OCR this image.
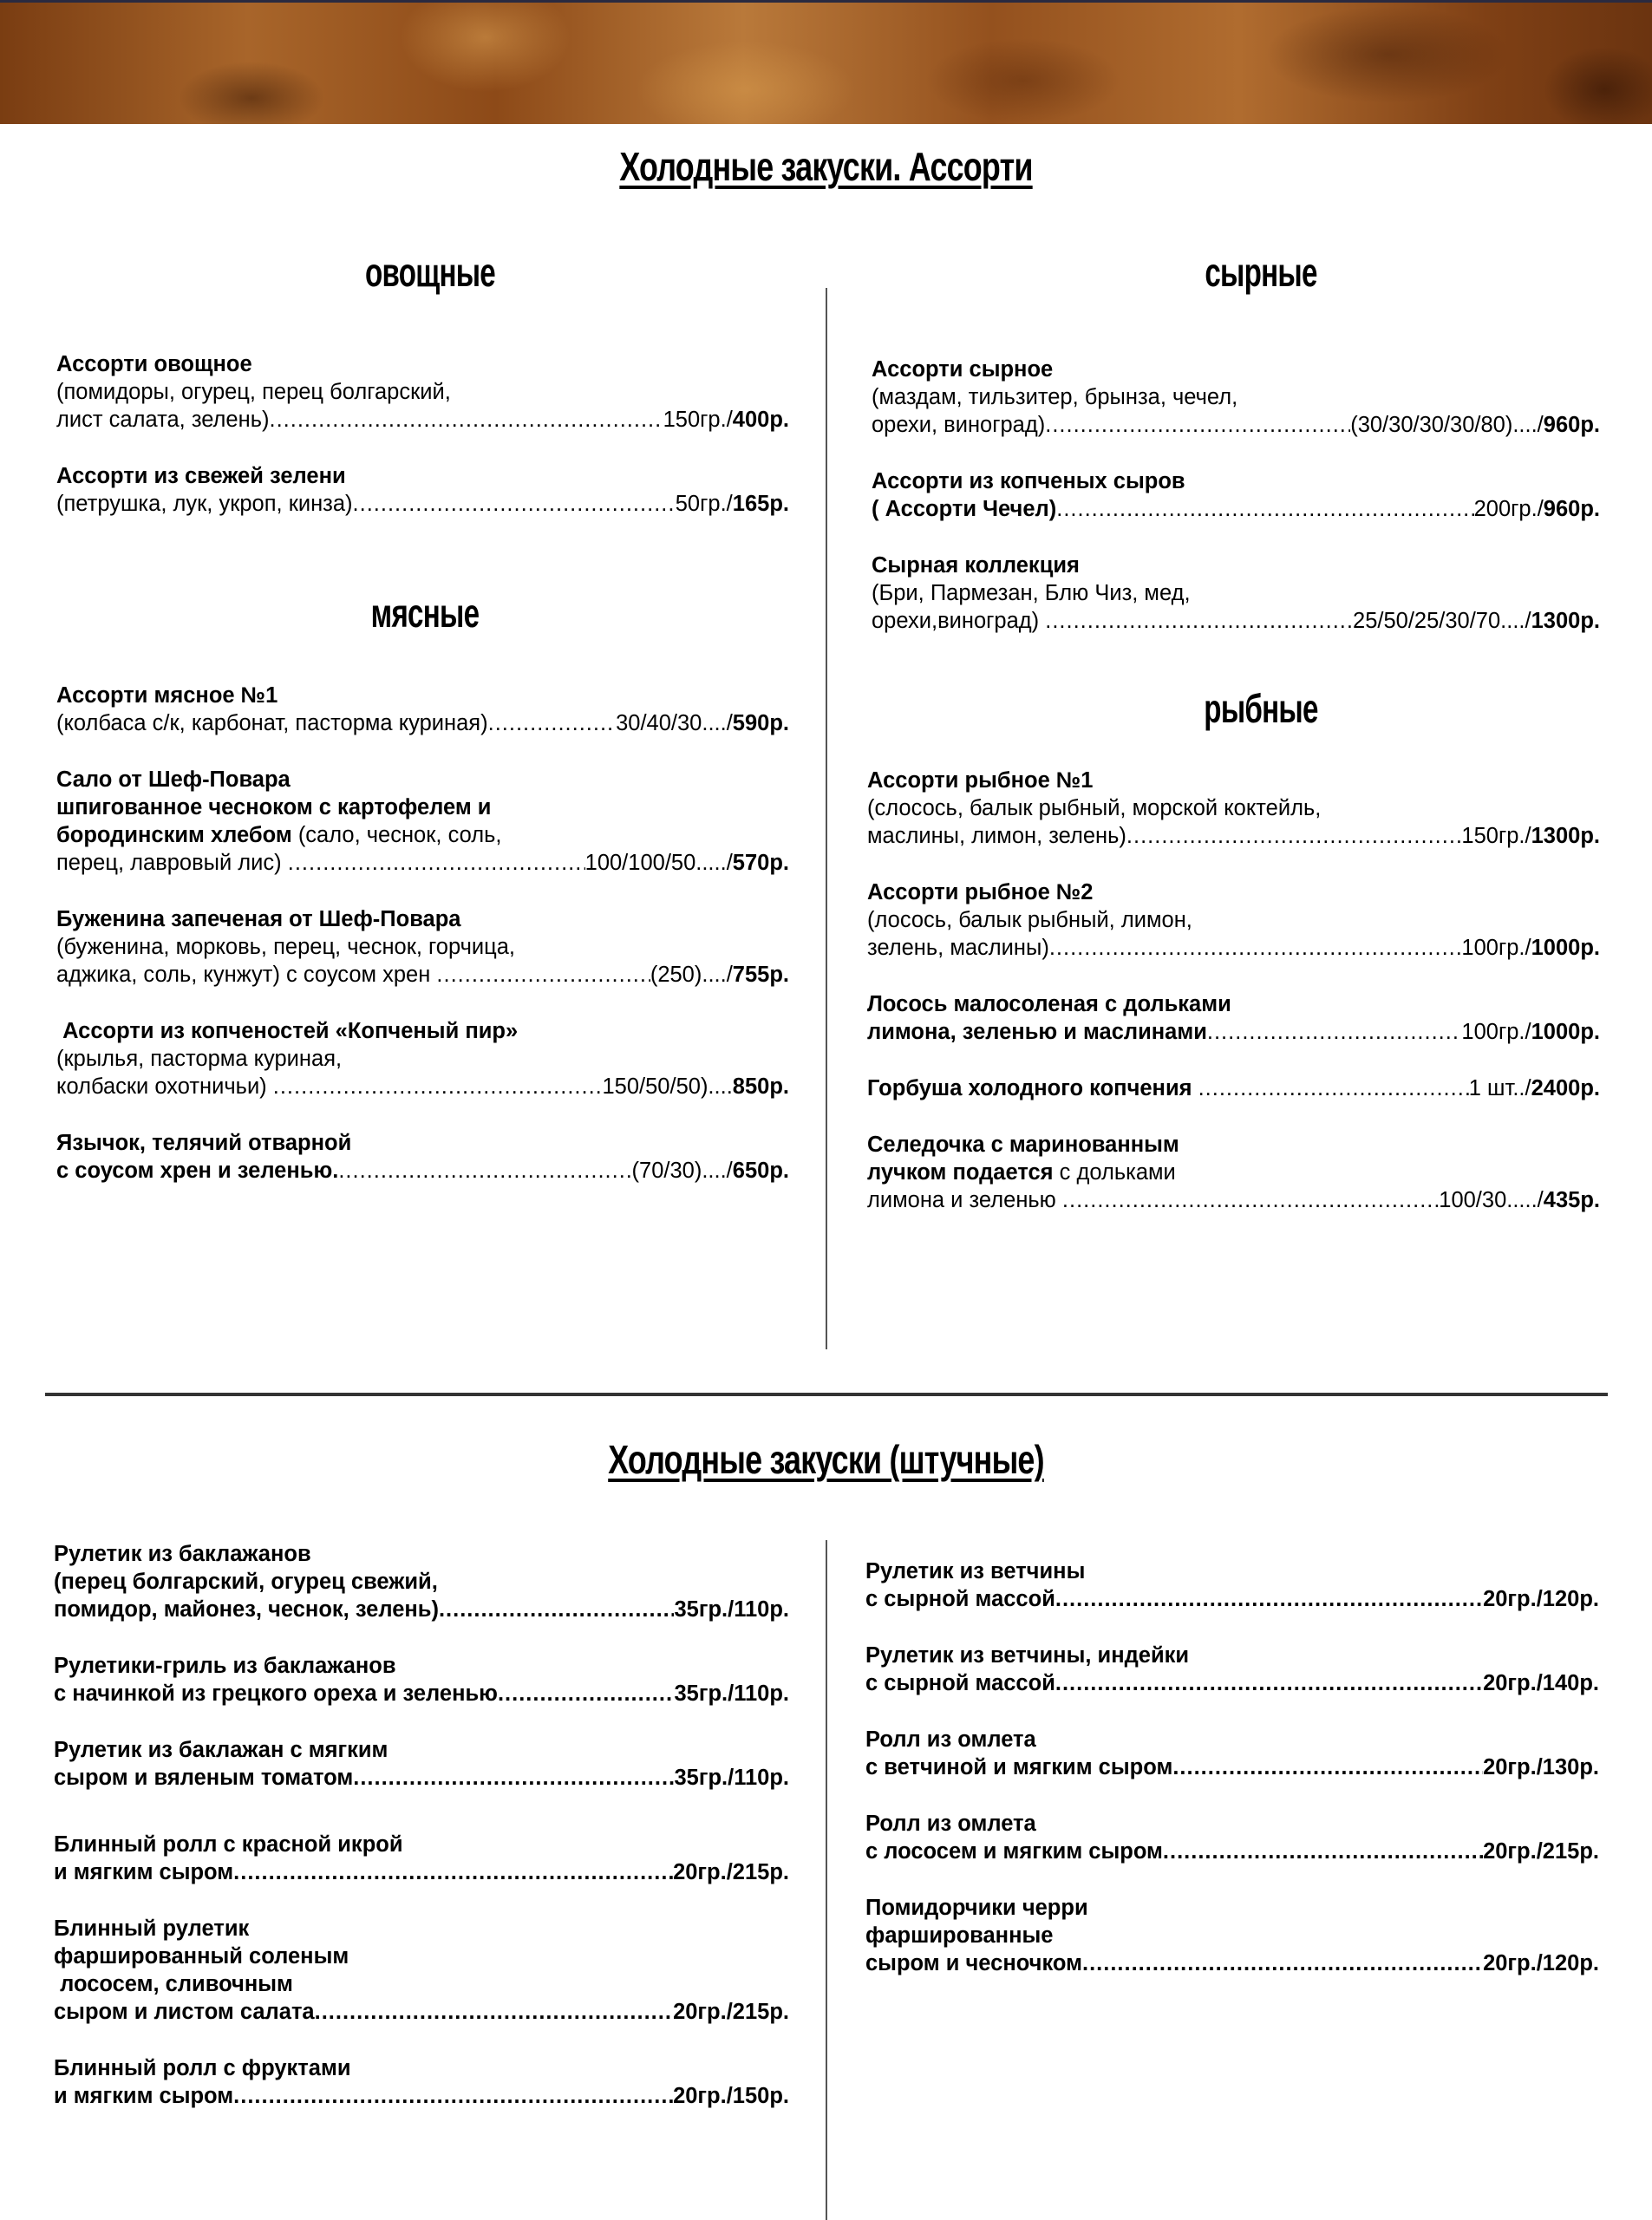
Холодные закуски. Ассорти
овощные	сырные
мясные
рыбные
Ассорти овощное
(помидоры, огурец, перец болгарский,
лист салата, зелень) .....	150гр./ 400р.
Ассорти из свежей зелени
(петрушка, лук, укроп, кинза) .....	50гр./ 165р.
Ассорти мясное №1
(колбаса с/к, карбонат, пасторма куриная) .....	30/40/30..../ 590р.
Сало от Шеф-Повара
шпигованное чесноком с картофелем и
бородинским хлебом (сало, чеснок, соль,
перец, лавровый лис) .....	100/100/50...../ 570р.
Буженина запеченая от Шеф-Повара
(буженина, морковь, перец, чеснок, горчица,
аджика, соль, кунжут) с соусом хрен .....	(250)..../ 755р.
Ассорти из копченостей «Копченый пир»
(крылья, пасторма куриная,
колбаски охотничьи) .....	150/50/50).... 850р.
Язычок, телячий отварной
с соусом хрен и зеленью. .....	(70/30)..../ 650р.
Ассорти сырное
(маздам, тильзитер, брынза, чечел,
орехи, виноград) .....	(30/30/30/30/80)..../ 960р.
Ассорти из копченых сыров
( Ассорти Чечел) .....	200гр./ 960р.
Сырная коллекция
(Бри, Пармезан, Блю Чиз, мед,
орехи,виноград) .....	25/50/25/30/70..../ 1300р.
Ассорти рыбное №1
(слосось, балык рыбный, морской коктейль,
маслины, лимон, зелень) .....	150гр./ 1300р.
Ассорти рыбное №2
(лосось, балык рыбный, лимон,
зелень, маслины) .....	100гр./ 1000р.
Лосось малосоленая с дольками
лимона, зеленью и маслинами .....	100гр./ 1000р.
Горбуша холодного копчения .....	1 шт../ 2400р.
Селедочка с маринованным
лучком подается с дольками
лимона и зеленью .....	100/30...../ 435р.
Холодные закуски (штучные)
Рулетик из баклажанов
(перец болгарский, огурец свежий,
помидор, майонез, чеснок, зелень) .....	35гр./110р.
Рулетики-гриль из баклажанов
с начинкой из грецкого ореха и зеленью .....	35гр./110р.
Рулетик из баклажан с мягким
сыром и вяленым томатом .....	35гр./110р.
Блинный ролл с красной икрой
и мягким сыром .....	20гр./215р.
Блинный рулетик
фаршированный соленым
лососем, сливочным
сыром и листом салата .....	20гр./215р.
Блинный ролл с фруктами
и мягким сыром .....	20гр./150р.
Рулетик из ветчины
с сырной массой .....	20гр./120р.
Рулетик из ветчины, индейки
с сырной массой .....	20гр./140р.
Ролл из омлета
с ветчиной и мягким сыром .....	20гр./130р.
Ролл из омлета
с лососем и мягким сыром .....	20гр./215р.
Помидорчики черри
фаршированные
сыром и чесночком .....	20гр./120р.
